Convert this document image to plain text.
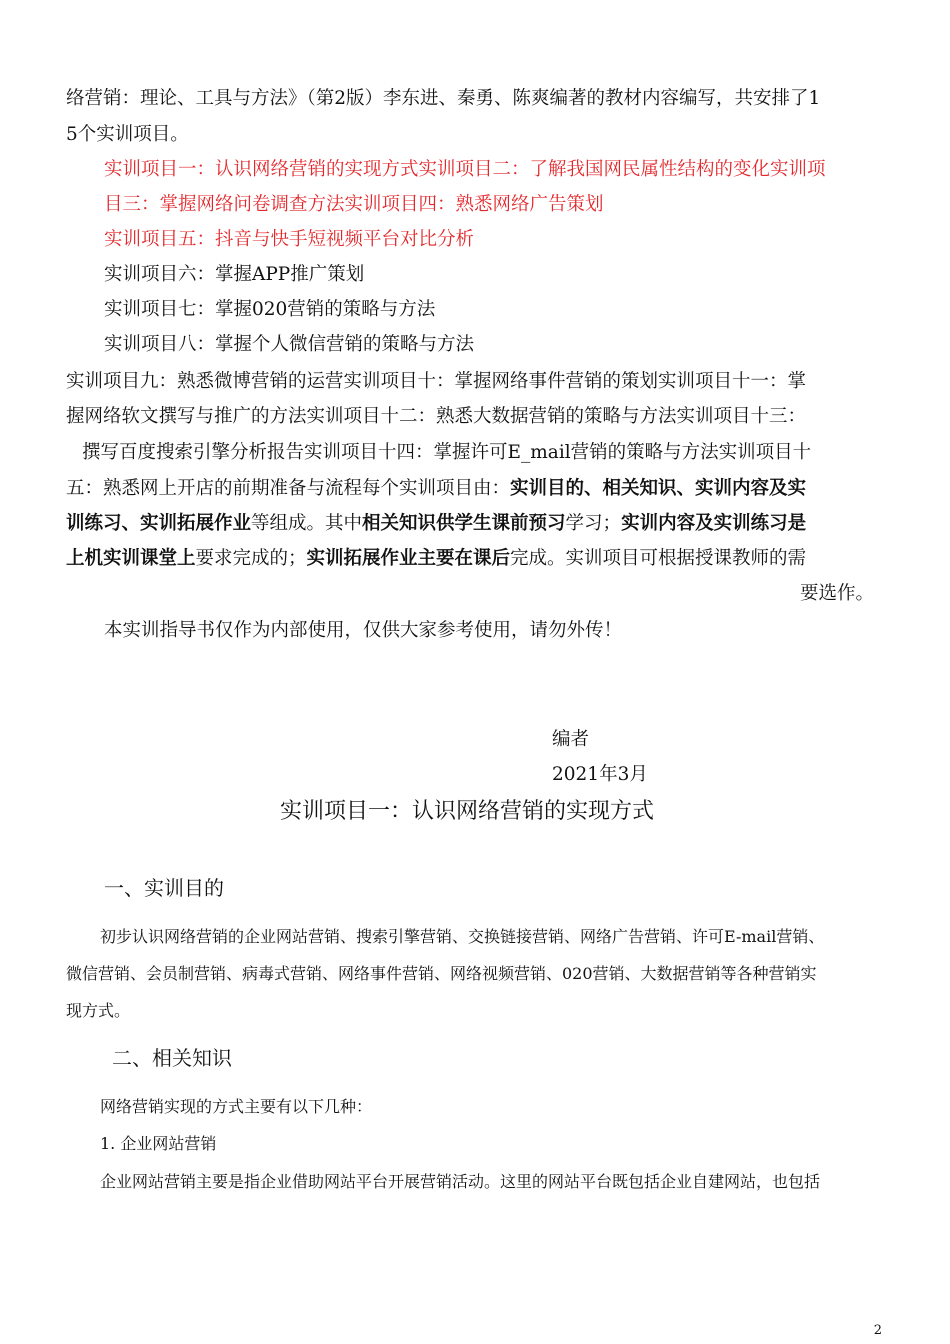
络营销：理论、工具与方法》（第2版）李东进、秦勇、陈爽编著的教材内容编写，共安排了1
5个实训项目。
实训项目一：认识网络营销的实现方式实训项目二：了解我国网民属性结构的变化实训项
目三：掌握网络问卷调查方法实训项目四：熟悉网络广告策划
实训项目五：抖音与快手短视频平台对比分析
实训项目六：掌握APP推广策划
实训项目七：掌握020营销的策略与方法
实训项目八：掌握个人微信营销的策略与方法
实训项目九：熟悉微博营销的运营实训项目十：掌握网络事件营销的策划实训项目十一：掌
握网络软文撰写与推广的方法实训项目十二：熟悉大数据营销的策略与方法实训项目十三：
撰写百度搜索引擎分析报告实训项目十四：掌握许可E_mail营销的策略与方法实训项目十
五：熟悉网上开店的前期准备与流程每个实训项目由：实训目的、相关知识、实训内容及实
训练习、实训拓展作业等组成。其中相关知识供学生课前预习学习；实训内容及实训练习是
上机实训课堂上要求完成的；实训拓展作业主要在课后完成。实训项目可根据授课教师的需
要选作。
本实训指导书仅作为内部使用，仅供大家参考使用，请勿外传！
编者
2021年3月
实训项目一：认识网络营销的实现方式
一、实训目的
初步认识网络营销的企业网站营销、搜索引擎营销、交换链接营销、网络广告营销、许可E-mail营销、
微信营销、会员制营销、病毒式营销、网络事件营销、网络视频营销、020营销、大数据营销等各种营销实
现方式。
二、相关知识
网络营销实现的方式主要有以下几种：
1. 企业网站营销
企业网站营销主要是指企业借助网站平台开展营销活动。这里的网站平台既包括企业自建网站，也包括
2
